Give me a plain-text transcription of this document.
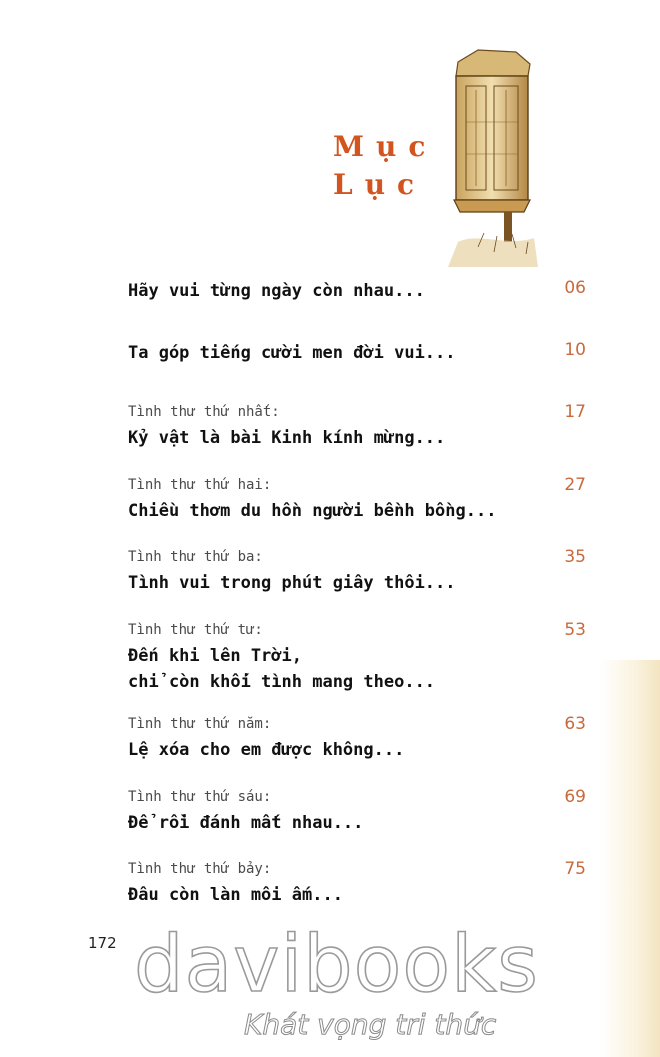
Mục
Lục
Hãy vui từng ngày còn nhau...	06
Ta góp tiếng cười men đời vui...	10
Tình thư thứ nhất:
Kỷ vật là bài Kinh kính mừng...
17
Tình thư thứ hai:
Chiều thơm du hồn người bềnh bồng...
27
Tình thư thứ ba:
Tình vui trong phút giây thôi...
35
Tình thư thứ tư:
Đến khi lên Trời,
chỉ còn khối tình mang theo...
53
Tình thư thứ năm:
Lệ xóa cho em được không...
63
Tình thư thứ sáu:
Để rồi đánh mất nhau...
69
Tình thư thứ bảy:
Đâu còn làn môi ấm...
75
172 davibooks
Khát vọng tri thức
